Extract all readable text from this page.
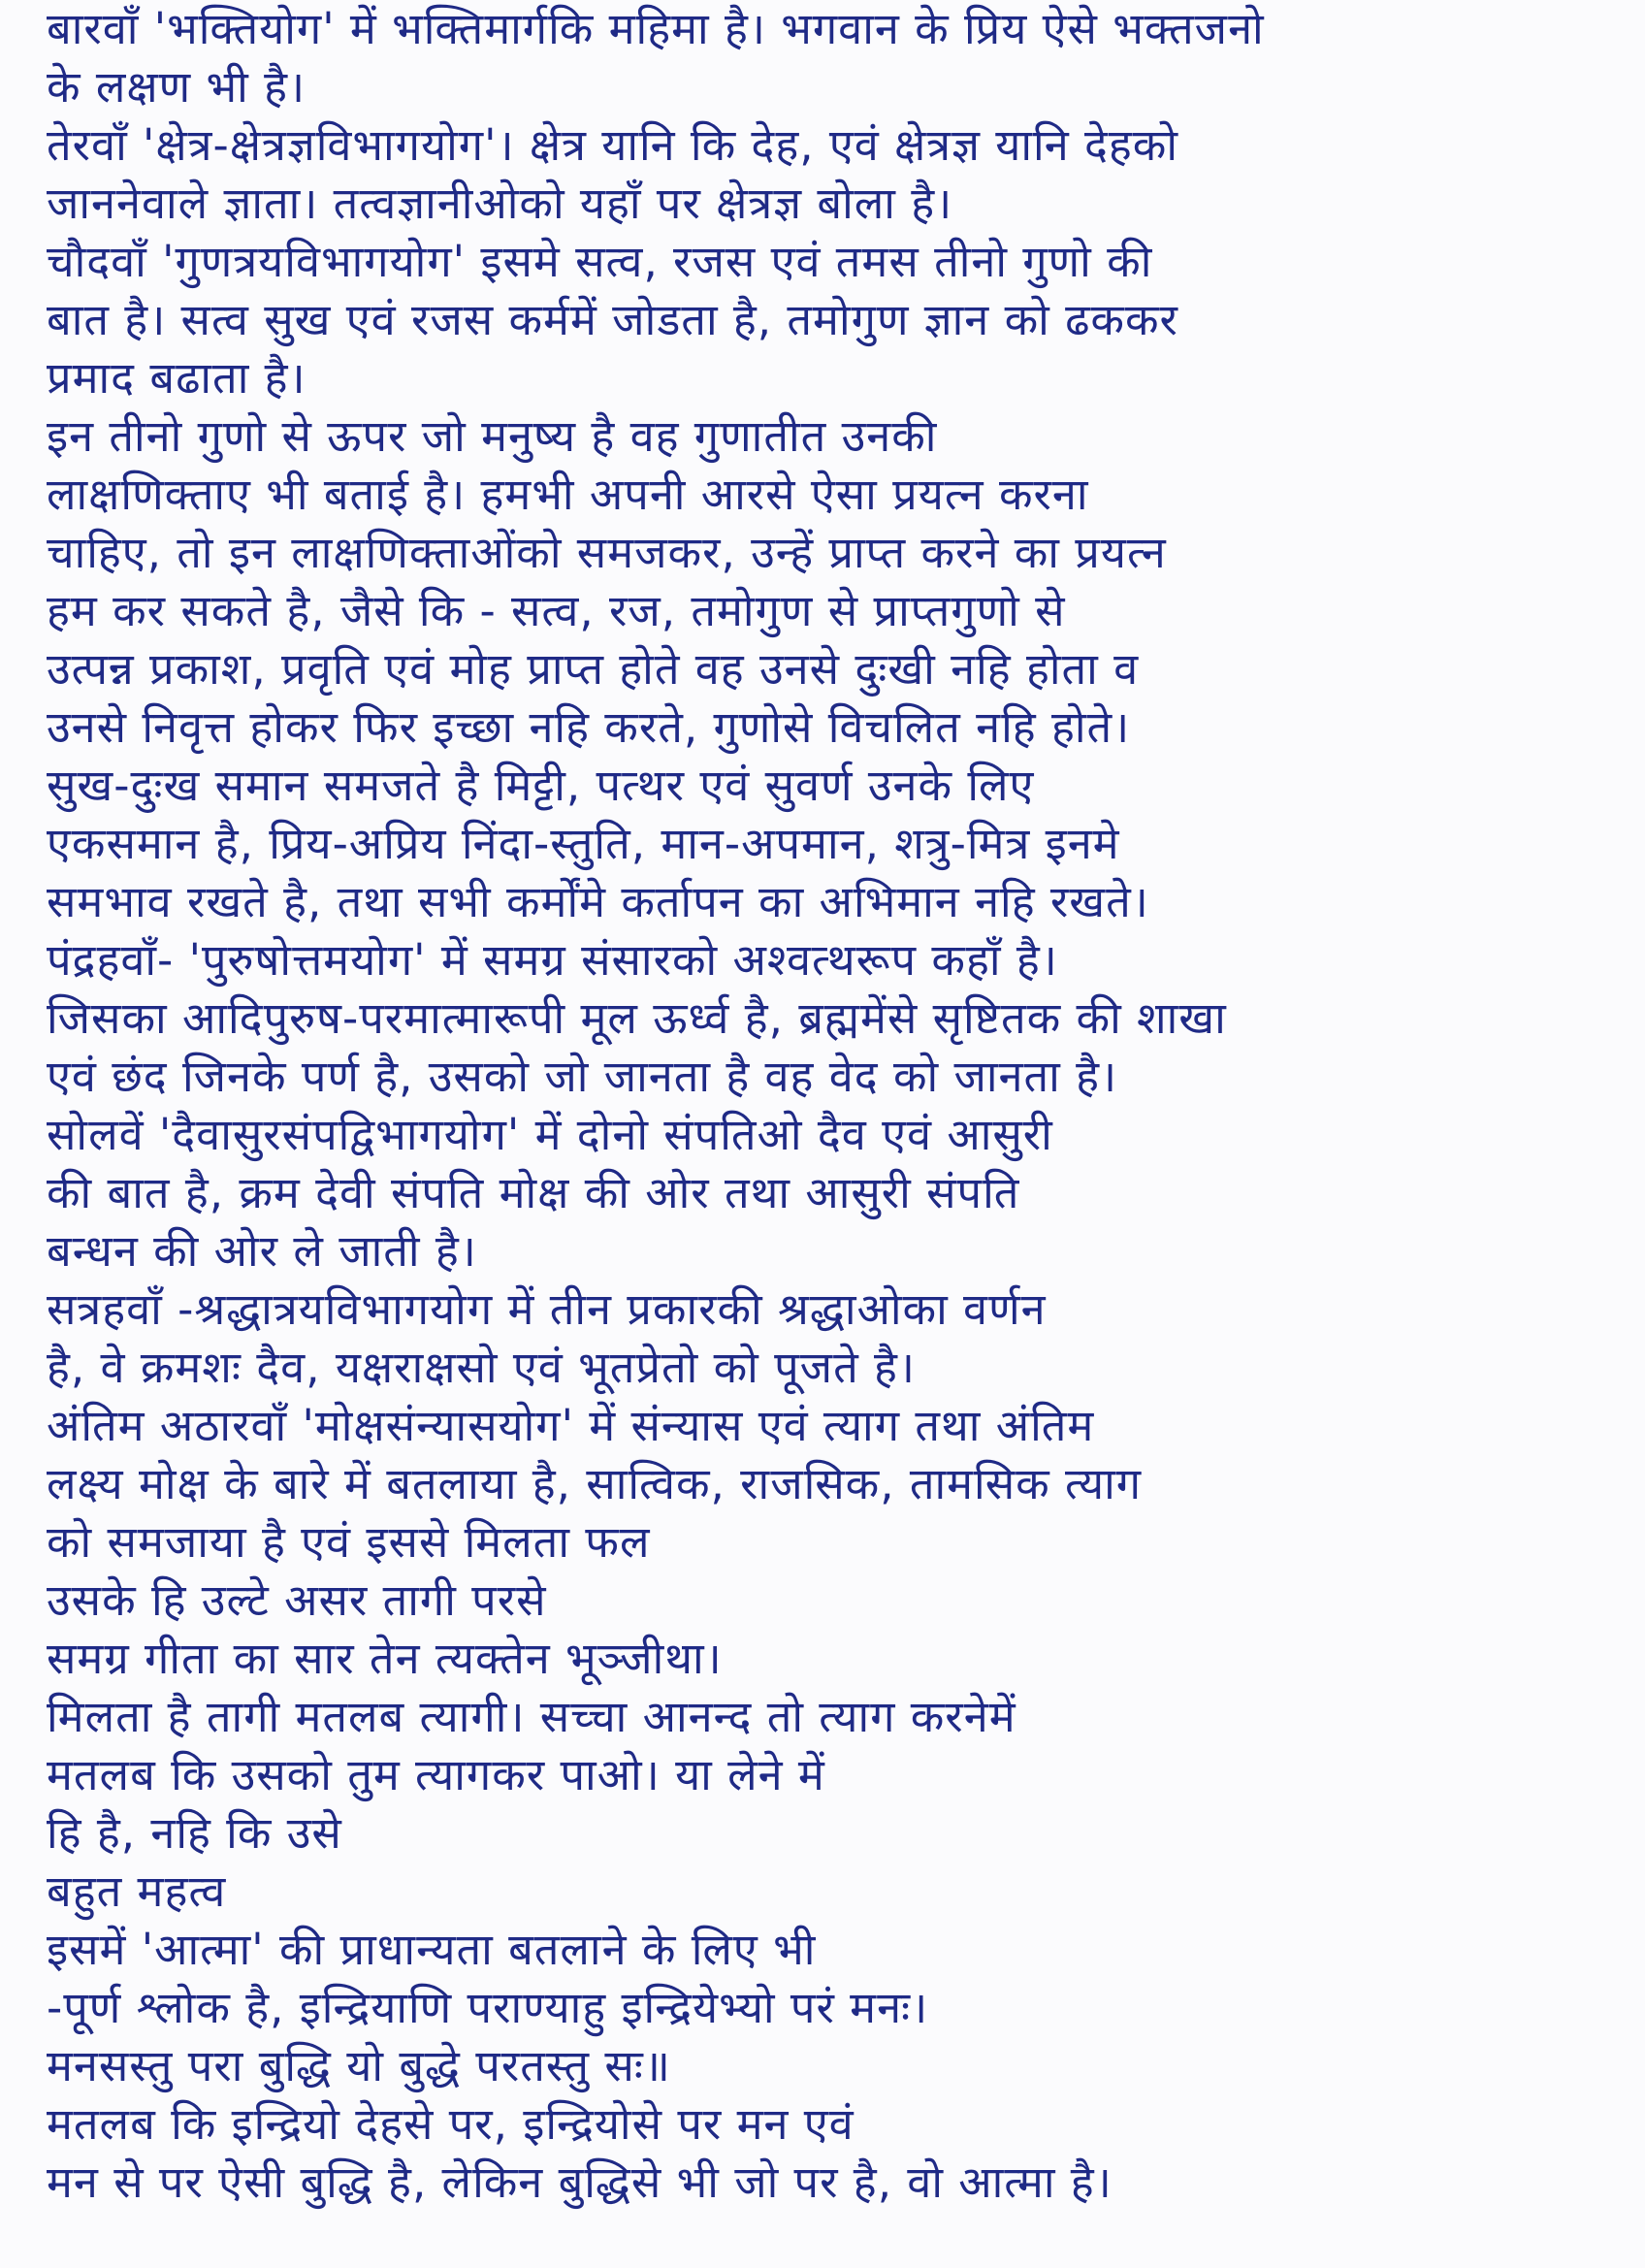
बारवाँ 'भक्तियोग' में भक्तिमार्गकि महिमा है। भगवान के प्रिय ऐसे भक्तजनो
के लक्षण भी है।
तेरवाँ 'क्षेत्र-क्षेत्रज्ञविभागयोग'। क्षेत्र यानि कि देह, एवं क्षेत्रज्ञ यानि देहको
जाननेवाले ज्ञाता। तत्वज्ञानीओको यहाँ पर क्षेत्रज्ञ बोला है।
चौदवाँ 'गुणत्रयविभागयोग' इसमे सत्व, रजस एवं तमस तीनो गुणो की
बात है। सत्व सुख एवं रजस कर्ममें जोडता है, तमोगुण ज्ञान को ढककर
प्रमाद बढाता है।
इन तीनो गुणो से ऊपर जो मनुष्य है वह गुणातीत उनकी
लाक्षणिक्ताए भी बताई है। हमभी अपनी आरसे ऐसा प्रयत्न करना
चाहिए, तो इन लाक्षणिक्ताओंको समजकर, उन्हें प्राप्त करने का प्रयत्न
हम कर सकते है, जैसे कि - सत्व, रज, तमोगुण से प्राप्तगुणो से
उत्पन्न प्रकाश, प्रवृति एवं मोह प्राप्त होते वह उनसे दुःखी नहि होता व
उनसे निवृत्त होकर फिर इच्छा नहि करते, गुणोसे विचलित नहि होते।
सुख-दुःख समान समजते है मिट्टी, पत्थर एवं सुवर्ण उनके लिए
एकसमान है, प्रिय-अप्रिय निंदा-स्तुति, मान-अपमान, शत्रु-मित्र इनमे
समभाव रखते है, तथा सभी कर्मोंमे कर्तापन का अभिमान नहि रखते।
पंद्रहवाँ- 'पुरुषोत्तमयोग' में समग्र संसारको अश्वत्थरूप कहाँ है।
जिसका आदिपुरुष-परमात्मारूपी मूल ऊर्ध्व है, ब्रह्ममेंसे सृष्टितक की शाखा
एवं छंद जिनके पर्ण है, उसको जो जानता है वह वेद को जानता है।
सोलवें 'दैवासुरसंपद्विभागयोग' में दोनो संपतिओ दैव एवं आसुरी
की बात है, क्रम देवी संपति मोक्ष की ओर तथा आसुरी संपति
बन्धन की ओर ले जाती है।
सत्रहवाँ -श्रद्धात्रयविभागयोग में तीन प्रकारकी श्रद्धाओका वर्णन
है, वे क्रमशः दैव, यक्षराक्षसो एवं भूतप्रेतो को पूजते है।
अंतिम अठारवाँ 'मोक्षसंन्यासयोग' में संन्यास एवं त्याग तथा अंतिम
लक्ष्य मोक्ष के बारे में बतलाया है, सात्विक, राजसिक, तामसिक त्याग
को समजाया है एवं इससे मिलता फल
उसके हि उल्टे असर तागी परसे
समग्र गीता का सार तेन त्यक्तेन भूञ्जीथा।
मिलता है तागी मतलब त्यागी। सच्चा आनन्द तो त्याग करनेमें
मतलब कि उसको तुम त्यागकर पाओ। या लेने में
हि है, नहि कि उसे
बहुत महत्व
इसमें 'आत्मा' की प्राधान्यता बतलाने के लिए भी
-पूर्ण श्लोक है, इन्द्रियाणि पराण्याहु इन्द्रियेभ्यो परं मनः।
मनसस्तु परा बुद्धि यो बुद्धे परतस्तु सः॥
मतलब कि इन्द्रियो देहसे पर, इन्द्रियोसे पर मन एवं
मन से पर ऐसी बुद्धि है, लेकिन बुद्धिसे भी जो पर है, वो आत्मा है।
